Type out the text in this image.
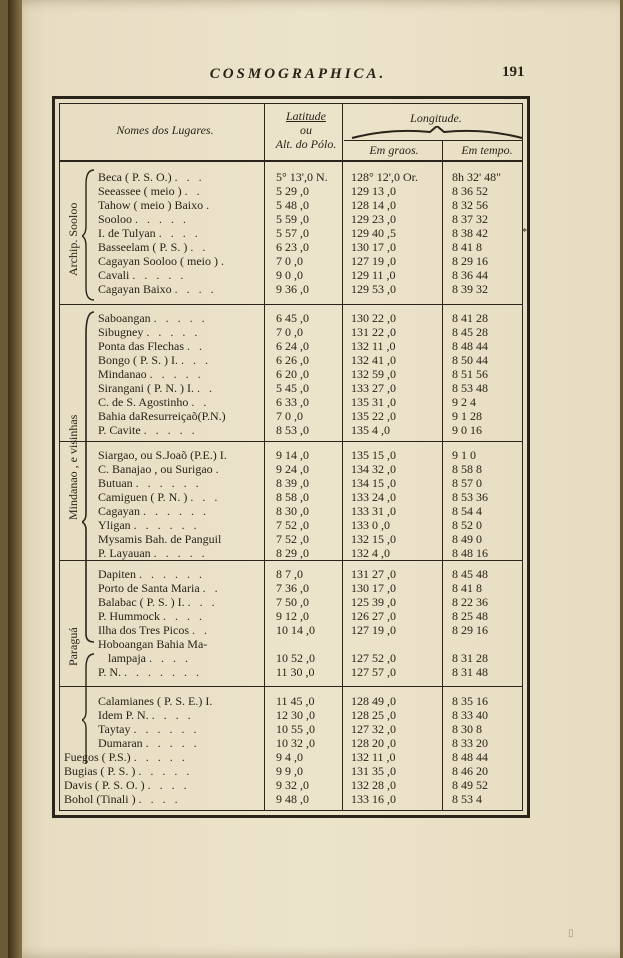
COSMOGRAPHICA.	191
Nomes dos Lugares.
Latitude
ou
Alt. do Pólo.
Longitude.
Em graos.	Em tempo.
Archip. Sooloo
Mindanao , e visinhas
Paraguá
Beca ( P. S. O.) . . .	5° 13',0 N.	128° 12',0 Or.	8h 32' 48"
Seeassee ( meio ) . .	5 29 ,0	129 13 ,0	8 36 52
Tahow ( meio ) Baixo .	5 48 ,0	128 14 ,0	8 32 56
Sooloo . . . . .	5 59 ,0	129 23 ,0	8 37 32
I. de Tulyan . . . .	5 57 ,0	129 40 ,5	8 38 42	*
Basseelam ( P. S. ) . .	6 23 ,0	130 17 ,0	8 41 8
Cagayan Sooloo ( meio ) .	7 0 ,0	127 19 ,0	8 29 16
Cavali . . . . .	9 0 ,0	129 11 ,0	8 36 44
Cagayan Baixo . . . .	9 36 ,0	129 53 ,0	8 39 32
Saboangan . . . . .	6 45 ,0	130 22 ,0	8 41 28
Sibugney . . . . .	7 0 ,0	131 22 ,0	8 45 28
Ponta das Flechas . .	6 24 ,0	132 11 ,0	8 48 44
Bongo ( P. S. ) I. . . .	6 26 ,0	132 41 ,0	8 50 44
Mindanao . . . . .	6 20 ,0	132 59 ,0	8 51 56
Sirangani ( P. N. ) I. . .	5 45 ,0	133 27 ,0	8 53 48
C. de S. Agostinho . .	6 33 ,0	135 31 ,0	9 2 4
Bahia daResurreiçaõ(P.N.)	7 0 ,0	135 22 ,0	9 1 28
P. Cavite . . . . .	8 53 ,0	135 4 ,0	9 0 16
Siargao, ou S.Joaõ (P.E.) I.	9 14 ,0	135 15 ,0	9 1 0
C. Banajao , ou Surigao .	9 24 ,0	134 32 ,0	8 58 8
Butuan . . . . . .	8 39 ,0	134 15 ,0	8 57 0
Camiguen ( P. N. ) . . .	8 58 ,0	133 24 ,0	8 53 36
Cagayan . . . . . .	8 30 ,0	133 31 ,0	8 54 4
Yligan . . . . . .	7 52 ,0	133 0 ,0	8 52 0
Mysamis Bah. de Panguil	7 52 ,0	132 15 ,0	8 49 0
P. Layauan . . . . .	8 29 ,0	132 4 ,0	8 48 16
Dapiten . . . . . .	8 7 ,0	131 27 ,0	8 45 48
Porto de Santa Maria . .	7 36 ,0	130 17 ,0	8 41 8
Balabac ( P. S. ) I. . . .	7 50 ,0	125 39 ,0	8 22 36
P. Hummock . . . .	9 12 ,0	126 27 ,0	8 25 48
Ilha dos Tres Picos . .	10 14 ,0	127 19 ,0	8 29 16
Hoboangan Bahia Ma-
lampaja . . . .	10 52 ,0	127 52 ,0	8 31 28
P. N. . . . . . . .	11 30 ,0	127 57 ,0	8 31 48
Calamianes ( P. S. E.) I.	11 45 ,0	128 49 ,0	8 35 16
Idem P. N. . . . .	12 30 ,0	128 25 ,0	8 33 40
Taytay . . . . . .	10 55 ,0	127 32 ,0	8 30 8
Dumaran . . . . .	10 32 ,0	128 20 ,0	8 33 20
Fuegos ( P.S.) . . . . .	9 4 ,0	132 11 ,0	8 48 44
Bugias ( P. S. ) . . . . .	9 9 ,0	131 35 ,0	8 46 20
Davis ( P. S. O. ) . . . .	9 32 ,0	132 28 ,0	8 49 52
Bohol (Tinali ) . . . .	9 48 ,0	133 16 ,0	8 53 4
▯
